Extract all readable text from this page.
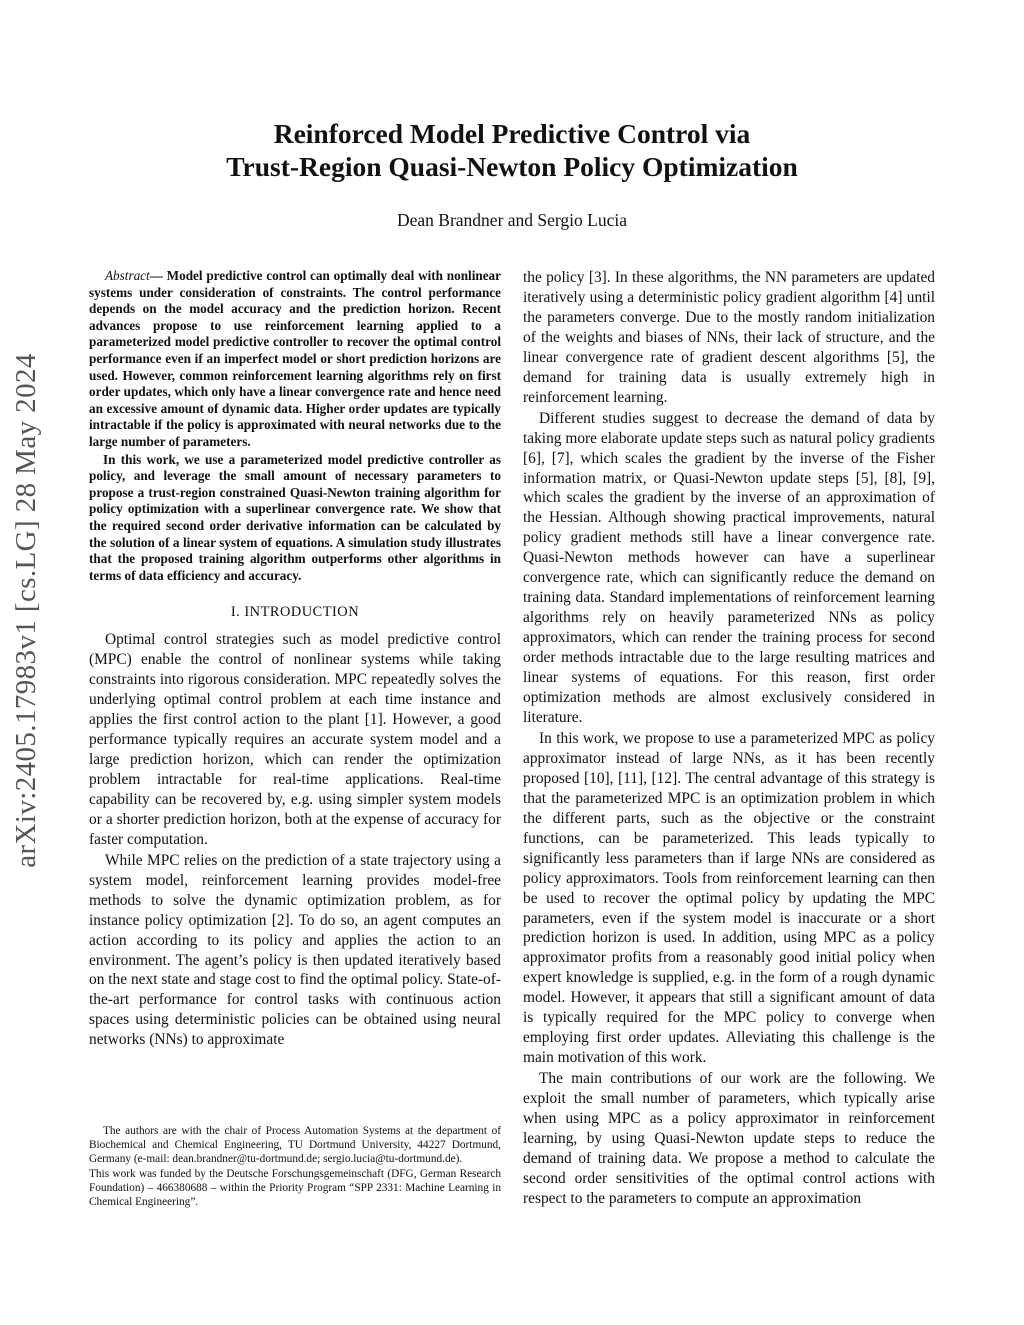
arXiv:2405.17983v1 [cs.LG] 28 May 2024
Reinforced Model Predictive Control via
Trust-Region Quasi-Newton Policy Optimization
Dean Brandner and Sergio Lucia

Abstract— Model predictive control can optimally deal with nonlinear systems under consideration of constraints. The control performance depends on the model accuracy and the prediction horizon. Recent advances propose to use reinforcement learning applied to a parameterized model predictive controller to recover the optimal control performance even if an imperfect model or short prediction horizons are used. However, common reinforcement learning algorithms rely on first order updates, which only have a linear convergence rate and hence need an excessive amount of dynamic data. Higher order updates are typically intractable if the policy is approximated with neural networks due to the large number of parameters.

In this work, we use a parameterized model predictive controller as policy, and leverage the small amount of necessary parameters to propose a trust-region constrained Quasi-Newton training algorithm for policy optimization with a superlinear convergence rate. We show that the required second order derivative information can be calculated by the solution of a linear system of equations. A simulation study illustrates that the proposed training algorithm outperforms other algorithms in terms of data efficiency and accuracy.

I. INTRODUCTION

Optimal control strategies such as model predictive control (MPC) enable the control of nonlinear systems while taking constraints into rigorous consideration. MPC repeatedly solves the underlying optimal control problem at each time instance and applies the first control action to the plant [1]. However, a good performance typically requires an accurate system model and a large prediction horizon, which can render the optimization problem intractable for real-time applications. Real-time capability can be recovered by, e.g. using simpler system models or a shorter prediction horizon, both at the expense of accuracy for faster computation.

While MPC relies on the prediction of a state trajectory using a system model, reinforcement learning provides model-free methods to solve the dynamic optimization problem, as for instance policy optimization [2]. To do so, an agent computes an action according to its policy and applies the action to an environment. The agent’s policy is then updated iteratively based on the next state and stage cost to find the optimal policy. State-of-the-art performance for control tasks with continuous action spaces using deterministic policies can be obtained using neural networks (NNs) to approximate

the policy [3]. In these algorithms, the NN parameters are updated iteratively using a deterministic policy gradient algorithm [4] until the parameters converge. Due to the mostly random initialization of the weights and biases of NNs, their lack of structure, and the linear convergence rate of gradient descent algorithms [5], the demand for training data is usually extremely high in reinforcement learning.

Different studies suggest to decrease the demand of data by taking more elaborate update steps such as natural policy gradients [6], [7], which scales the gradient by the inverse of the Fisher information matrix, or Quasi-Newton update steps [5], [8], [9], which scales the gradient by the inverse of an approximation of the Hessian. Although showing practical improvements, natural policy gradient methods still have a linear convergence rate. Quasi-Newton methods however can have a superlinear convergence rate, which can significantly reduce the demand on training data. Standard implementations of reinforcement learning algorithms rely on heavily parameterized NNs as policy approximators, which can render the training process for second order methods intractable due to the large resulting matrices and linear systems of equations. For this reason, first order optimization methods are almost exclusively considered in literature.

In this work, we propose to use a parameterized MPC as policy approximator instead of large NNs, as it has been recently proposed [10], [11], [12]. The central advantage of this strategy is that the parameterized MPC is an optimization problem in which the different parts, such as the objective or the constraint functions, can be parameterized. This leads typically to significantly less parameters than if large NNs are considered as policy approximators. Tools from reinforcement learning can then be used to recover the optimal policy by updating the MPC parameters, even if the system model is inaccurate or a short prediction horizon is used. In addition, using MPC as a policy approximator profits from a reasonably good initial policy when expert knowledge is supplied, e.g. in the form of a rough dynamic model. However, it appears that still a significant amount of data is typically required for the MPC policy to converge when employing first order updates. Alleviating this challenge is the main motivation of this work.

The main contributions of our work are the following. We exploit the small number of parameters, which typically arise when using MPC as a policy approximator in reinforcement learning, by using Quasi-Newton update steps to reduce the demand of training data. We propose a method to calculate the second order sensitivities of the optimal control actions with respect to the parameters to compute an approximation

The authors are with the chair of Process Automation Systems at the department of Biochemical and Chemical Engineering, TU Dortmund University, 44227 Dortmund, Germany (e-mail: dean.brandner@tu-dortmund.de; sergio.lucia@tu-dortmund.de).

This work was funded by the Deutsche Forschungsgemeinschaft (DFG, German Research Foundation) – 466380688 – within the Priority Program “SPP 2331: Machine Learning in Chemical Engineering”.
